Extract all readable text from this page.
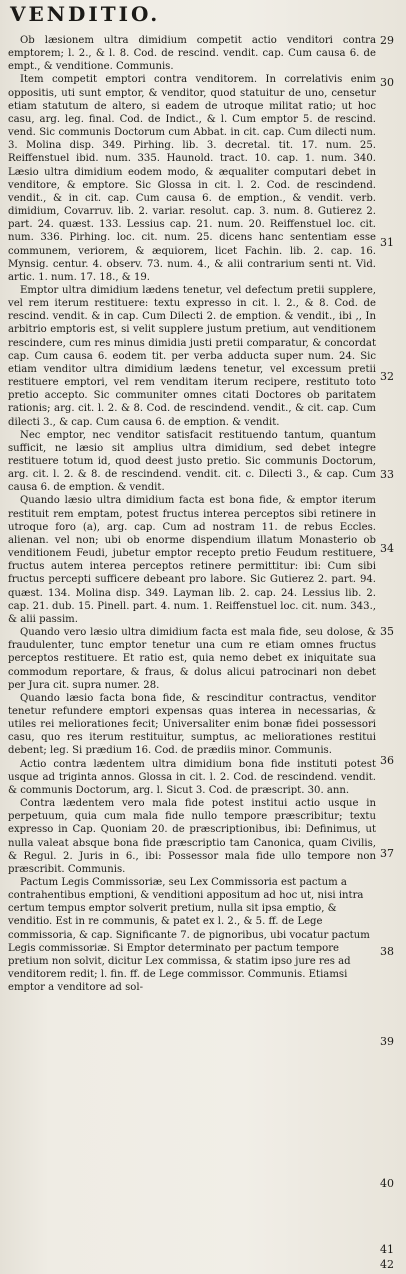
VENDITIO.

Ob læsionem ultra dimidium competit actio venditori contra emptorem; l. 2., & l. 8. Cod. de rescind. vendit. cap. Cum causa 6. de empt., & venditione. Communis.

Item competit emptori contra venditorem. In correlativis enim oppositis, uti sunt emptor, & venditor, quod statuitur de uno, censetur etiam statutum de altero, si eadem de utroque militat ratio; ut hoc casu, arg. leg. final. Cod. de Indict., & l. Cum emptor 5. de rescind. vend. Sic communis Doctorum cum Abbat. in cit. cap. Cum dilecti num. 3. Molina disp. 349. Pirhing. lib. 3. decretal. tit. 17. num. 25. Reiffenstuel ibid. num. 335. Haunold. tract. 10. cap. 1. num. 340. Læsio ultra dimidium eodem modo, & æqualiter computari debet in venditore, & emptore. Sic Glossa in cit. l. 2. Cod. de rescindend. vendit., & in cit. cap. Cum causa 6. de emption., & vendit. verb. dimidium, Covarruv. lib. 2. variar. resolut. cap. 3. num. 8. Gutierez 2. part. 24. quæst. 133. Lessius cap. 21. num. 20. Reiffenstuel loc. cit. num. 336. Pirhing. loc. cit. num. 25. dicens hanc sententiam esse communem, veriorem, & æquiorem, licet Fachin. lib. 2. cap. 16. Mynsig. centur. 4. observ. 73. num. 4., & alii contrarium senti nt. Vid. artic. 1. num. 17. 18., & 19.

Emptor ultra dimidium lædens tenetur, vel defectum pretii supplere, vel rem iterum restituere: textu expresso in cit. l. 2., & 8. Cod. de rescind. vendit. & in cap. Cum Dilecti 2. de emption. & vendit., ibi ,, In arbitrio emptoris est, si velit supplere justum pretium, aut venditionem rescindere, cum res minus dimidia justi pretii comparatur, & concordat cap. Cum causa 6. eodem tit. per verba adducta super num. 24. Sic etiam venditor ultra dimidium lædens tenetur, vel excessum pretii restituere emptori, vel rem venditam iterum recipere, restituto toto pretio accepto. Sic communiter omnes citati Doctores ob paritatem rationis; arg. cit. l. 2. & 8. Cod. de rescindend. vendit., & cit. cap. Cum dilecti 3., & cap. Cum causa 6. de emption. & vendit.

Nec emptor, nec venditor satisfacit restituendo tantum, quantum sufficit, ne læsio sit amplius ultra dimidium, sed debet integre restituere totum id, quod deest justo pretio. Sic communis Doctorum, arg. cit. l. 2. & 8. de rescindend. vendit. cit. c. Dilecti 3., & cap. Cum causa 6. de emption. & vendit.

Quando læsio ultra dimidium facta est bona fide, & emptor iterum restituit rem emptam, potest fructus interea perceptos sibi retinere in utroque foro (a), arg. cap. Cum ad nostram 11. de rebus Eccles. alienan. vel non; ubi ob enorme dispendium illatum Monasterio ob venditionem Feudi, jubetur emptor recepto pretio Feudum restituere, fructus autem interea perceptos retinere permittitur: ibi: Cum sibi fructus percepti sufficere debeant pro labore. Sic Gutierez 2. part. 94. quæst. 134. Molina disp. 349. Layman lib. 2. cap. 24. Lessius lib. 2. cap. 21. dub. 15. Pinell. part. 4. num. 1. Reiffenstuel loc. cit. num. 343., & alii passim.

Quando vero læsio ultra dimidium facta est mala fide, seu dolose, & fraudulenter, tunc emptor tenetur una cum re etiam omnes fructus perceptos restituere. Et ratio est, quia nemo debet ex iniquitate sua commodum reportare, & fraus, & dolus alicui patrocinari non debet per Jura cit. supra numer. 28.

Quando læsio facta bona fide, & rescinditur contractus, venditor tenetur refundere emptori expensas quas interea in necessarias, & utiles rei meliorationes fecit; Universaliter enim bonæ fidei possessori casu, quo res iterum restituitur, sumptus, ac meliorationes restitui debent; leg. Si prædium 16. Cod. de prædiis minor. Communis.

Actio contra lædentem ultra dimidium bona fide instituti potest usque ad triginta annos. Glossa in cit. l. 2. Cod. de rescindend. vendit. & communis Doctorum, arg. l. Sicut 3. Cod. de præscript. 30. ann.

Contra lædentem vero mala fide potest institui actio usque in perpetuum, quia cum mala fide nullo tempore præscribitur; textu expresso in Cap. Quoniam 20. de præscriptionibus, ibi: Definimus, ut nulla valeat absque bona fide præscriptio tam Canonica, quam Civilis, & Regul. 2. Juris in 6., ibi: Possessor mala fide ullo tempore non præscribit. Communis.

Pactum Legis Commissoriæ, seu Lex Commissoria est pactum a contrahentibus emptioni, & venditioni appositum ad hoc ut, nisi intra certum tempus emptor solverit pretium, nulla sit ipsa emptio, & venditio. Est in re communis, & patet ex l. 2., & 5. ff. de Lege commissoria, & cap. Significante 7. de pignoribus, ubi vocatur pactum Legis commissoriæ. Si Emptor determinato per pactum tempore pretium non solvit, dicitur Lex commissa, & statim ipso jure res ad venditorem redit; l. fin. ff. de Lege commissor. Communis. Etiamsi emptor a venditore ad sol-

29
30
31
32
33
34
35
36
37
38
39
40
41
42
